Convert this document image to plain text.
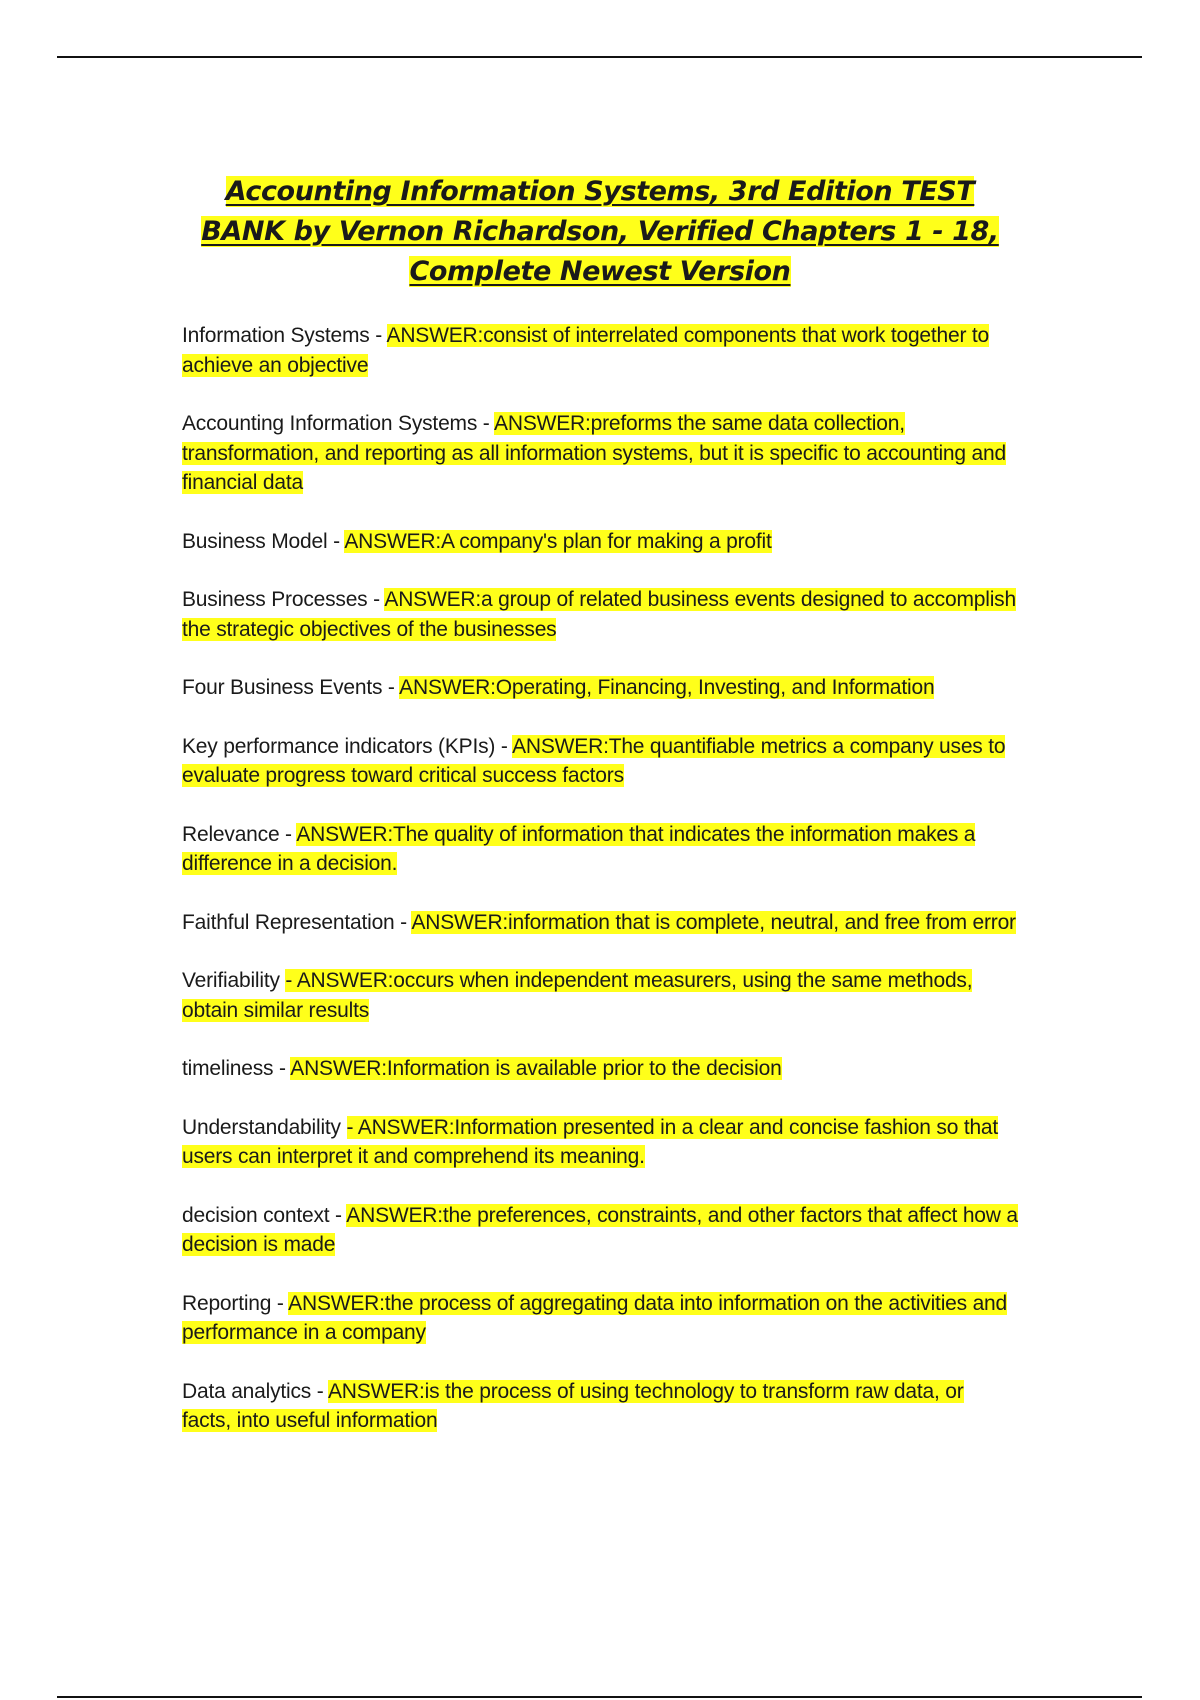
Accounting Information Systems, 3rd Edition TEST BANK by Vernon Richardson, Verified Chapters 1 - 18, Complete Newest Version

Information Systems - ANSWER:consist of interrelated components that work together to achieve an objective

Accounting Information Systems - ANSWER:preforms the same data collection, transformation, and reporting as all information systems, but it is specific to accounting and financial data

Business Model - ANSWER:A company's plan for making a profit

Business Processes - ANSWER:a group of related business events designed to accomplish the strategic objectives of the businesses

Four Business Events - ANSWER:Operating, Financing, Investing, and Information

Key performance indicators (KPIs) - ANSWER:The quantifiable metrics a company uses to evaluate progress toward critical success factors

Relevance - ANSWER:The quality of information that indicates the information makes a difference in a decision.

Faithful Representation - ANSWER:information that is complete, neutral, and free from error

Verifiability - ANSWER:occurs when independent measurers, using the same methods, obtain similar results

timeliness - ANSWER:Information is available prior to the decision

Understandability - ANSWER:Information presented in a clear and concise fashion so that users can interpret it and comprehend its meaning.

decision context - ANSWER:the preferences, constraints, and other factors that affect how a decision is made

Reporting - ANSWER:the process of aggregating data into information on the activities and performance in a company

Data analytics - ANSWER:is the process of using technology to transform raw data, or facts, into useful information
